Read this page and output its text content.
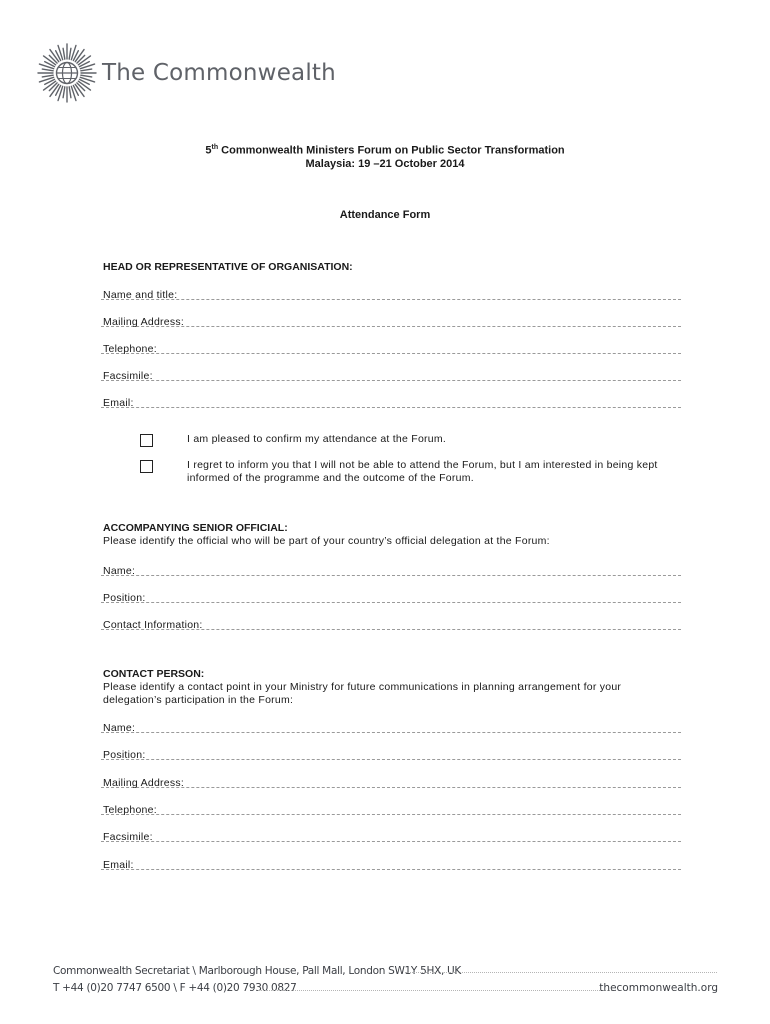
The Commonwealth
5th Commonwealth Ministers Forum on Public Sector Transformation
Malaysia: 19 –21 October 2014
Attendance Form
HEAD OR REPRESENTATIVE OF ORGANISATION:
Name and title:
Mailing Address:
Telephone:
Facsimile:
Email:
I am pleased to confirm my attendance at the Forum.
I regret to inform you that I will not be able to attend the Forum, but I am interested in being kept informed of the programme and the outcome of the Forum.
ACCOMPANYING SENIOR OFFICIAL:
Please identify the official who will be part of your country’s official delegation at the Forum:
Name:
Position:
Contact Information:
CONTACT PERSON:
Please identify a contact point in your Ministry for future communications in planning arrangement for your delegation’s participation in the Forum:
Name:
Position:
Mailing Address:
Telephone:
Facsimile:
Email:
Commonwealth Secretariat \ Marlborough House, Pall Mall, London SW1Y 5HX, UK
T +44 (0)20 7747 6500 \ F +44 (0)20 7930 0827	thecommonwealth.org
